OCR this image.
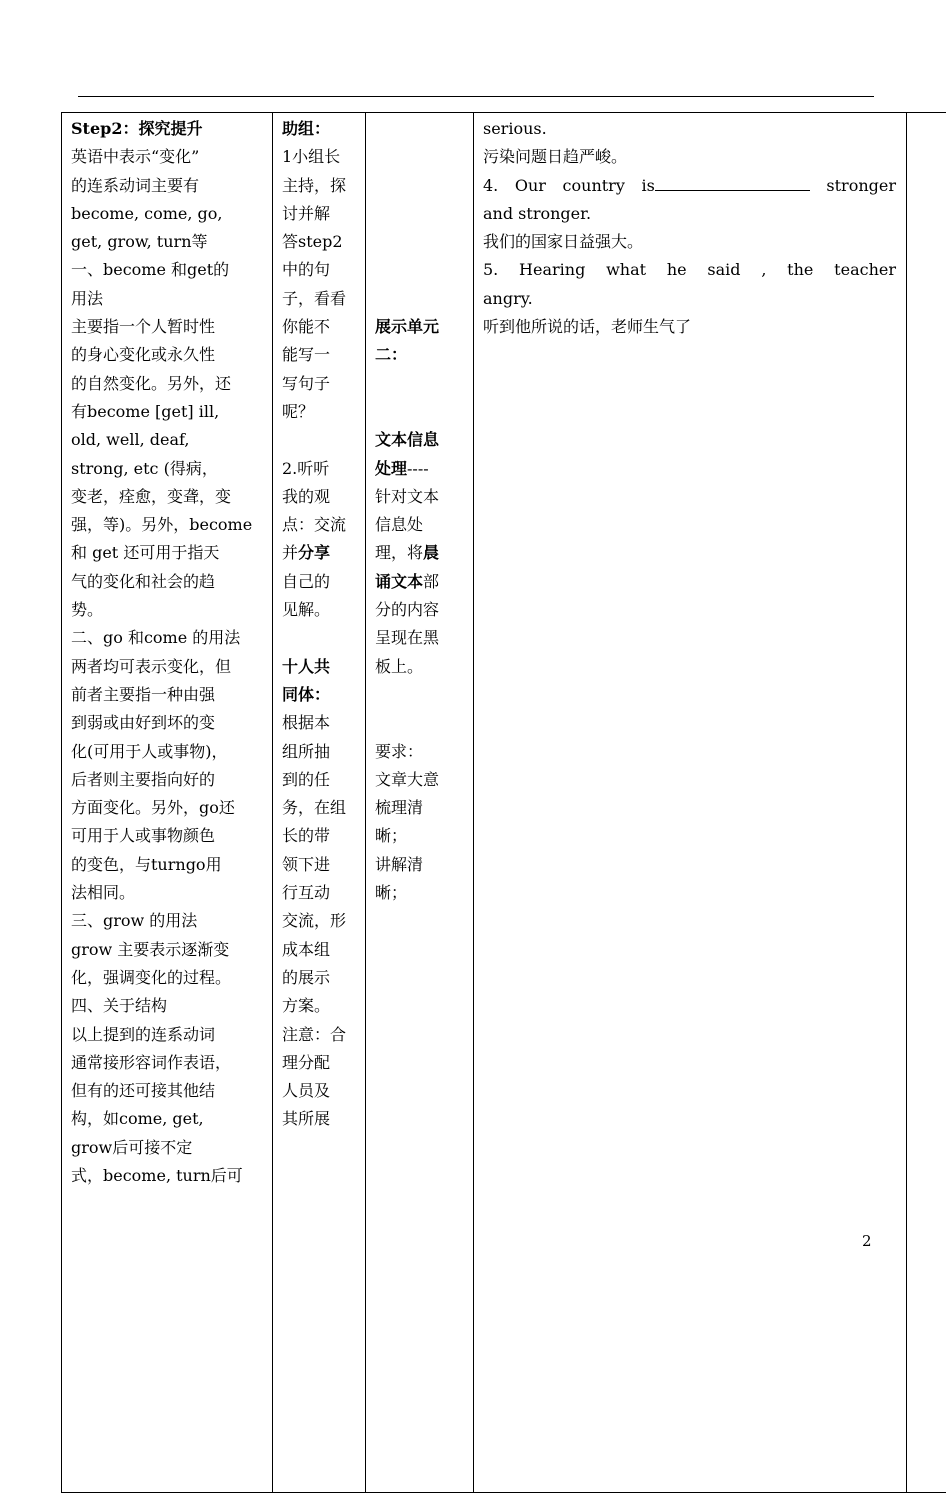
Step2：探究提升
英语中表示“变化”
的连系动词主要有
become, come, go,
get, grow, turn等
一、become 和get的
用法
主要指一个人暂时性
的身心变化或永久性
的自然变化。另外，还
有become [get] ill,
old, well, deaf,
strong, etc (得病，
变老，痊愈，变聋，变
强，等)。另外，become
和 get 还可用于指天
气的变化和社会的趋
势。
二、go 和come 的用法
两者均可表示变化，但
前者主要指一种由强
到弱或由好到坏的变
化(可用于人或事物)，
后者则主要指向好的
方面变化。另外，go还
可用于人或事物颜色
的变色，与turngo用
法相同。
三、grow 的用法
grow 主要表示逐渐变
化，强调变化的过程。
四、关于结构
以上提到的连系动词
通常接形容词作表语，
但有的还可接其他结
构，如come, get,
grow后可接不定
式，become, turn后可

助组：
1小组长
主持，探
讨并解
答step2
中的句
子，看看
你能不
能写一
写句子
呢？
2.听听
我的观
点：交流
并分享
自己的
见解。
十人共
同体：
根据本
组所抽
到的任
务，在组
长的带
领下进
行互动
交流，形
成本组
的展示
方案。
注意：合
理分配
人员及
其所展

展示单元
二：
文本信息
处理----
针对文本
信息处
理，将晨
诵文本部
分的内容
呈现在黑
板上。
要求：
文章大意
梳理清
晰；
讲解清
晰；

serious.
污染问题日趋严峻。
4. Our country is	stronger
and stronger.
我们的国家日益强大。
5. Hearing what he said , the teacher
angry.
听到他所说的话，老师生气了

2
